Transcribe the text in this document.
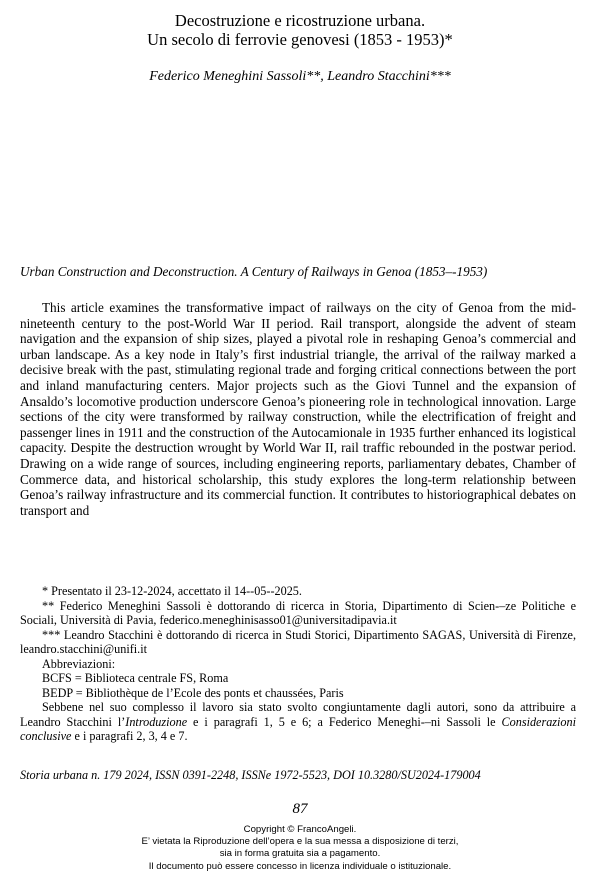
Decostruzione e ricostruzione urbana.
Un secolo di ferrovie genovesi (1853 - 1953)*
Federico Meneghini Sassoli**, Leandro Stacchini***
Urban Construction and Deconstruction. A Century of Railways in Genoa (1853–-1953)

This article examines the transformative impact of railways on the city of Genoa from the mid-nineteenth century to the post-World War II period. Rail transport, alongside the advent of steam navigation and the expansion of ship sizes, played a pivotal role in reshaping Genoa’s commercial and urban landscape. As a key node in Italy’s first industrial triangle, the arrival of the railway marked a decisive break with the past, stimulating regional trade and forging critical connections between the port and inland manufacturing centers. Major projects such as the Giovi Tunnel and the expansion of Ansaldo’s locomotive production underscore Genoa’s pioneering role in technological innovation. Large sections of the city were transformed by railway construction, while the electrification of freight and passenger lines in 1911 and the construction of the Autocamionale in 1935 further enhanced its logistical capacity. Despite the destruction wrought by World War II, rail traffic rebounded in the postwar period. Drawing on a wide range of sources, including engineering reports, parliamentary debates, Chamber of Commerce data, and historical scholarship, this study explores the long-term relationship between Genoa’s railway infrastructure and its commercial function. It contributes to historiographical debates on transport and

* Presentato il 23-12-2024, accettato il 14--05--2025.

** Federico Meneghini Sassoli è dottorando di ricerca in Storia, Dipartimento di Scien-–ze Politiche e Sociali, Università di Pavia, federico.meneghinisasso01@universitadipavia.it

*** Leandro Stacchini è dottorando di ricerca in Studi Storici, Dipartimento SAGAS, Università di Firenze, leandro.stacchini@unifi.it

Abbreviazioni:

BCFS = Biblioteca centrale FS, Roma

BEDP = Bibliothèque de l’Ecole des ponts et chaussées, Paris

Sebbene nel suo complesso il lavoro sia stato svolto congiuntamente dagli autori, sono da attribuire a Leandro Stacchini l’Introduzione e i paragrafi 1, 5 e 6; a Federico Meneghi-–ni Sassoli le Considerazioni conclusive e i paragrafi 2, 3, 4 e 7.

Storia urbana n. 179 2024, ISSN 0391-2248, ISSNe 1972-5523, DOI 10.3280/SU2024-179004
87
Copyright © FrancoAngeli.
E’ vietata la Riproduzione dell’opera e la sua messa a disposizione di terzi,
sia in forma gratuita sia a pagamento.
Il documento può essere concesso in licenza individuale o istituzionale.
